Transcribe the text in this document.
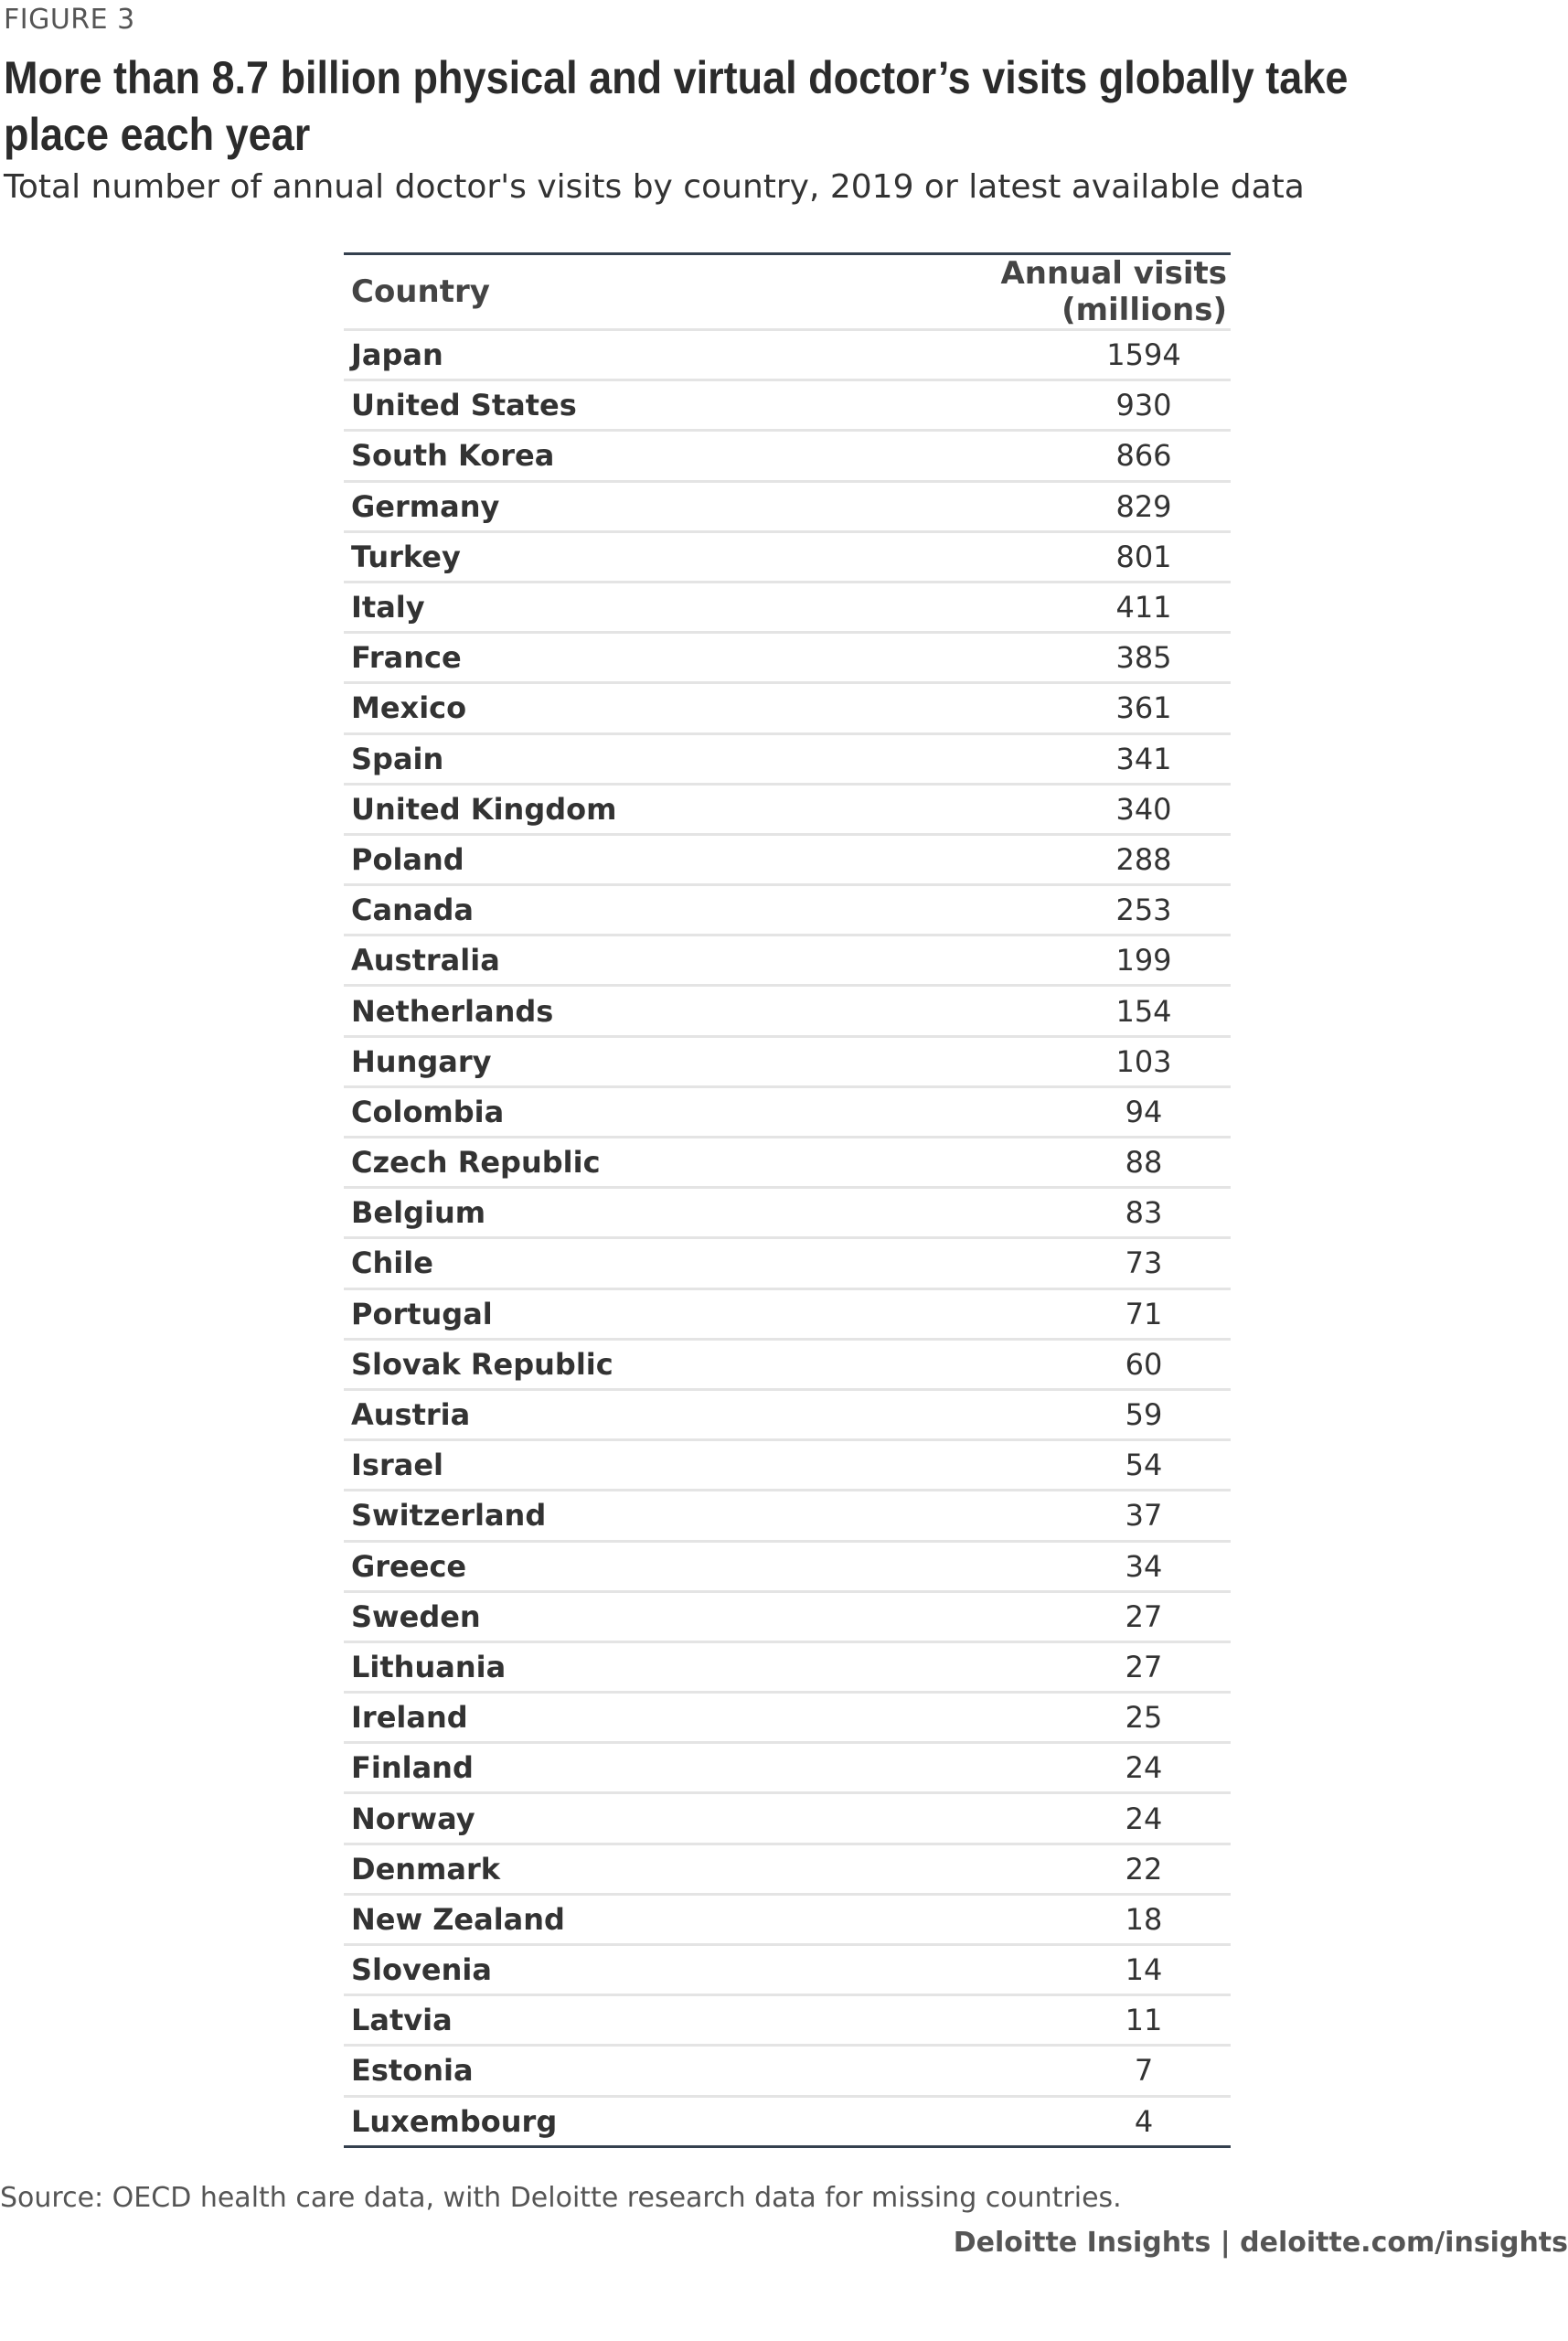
FIGURE 3
More than 8.7 billion physical and virtual doctor’s visits globally take place each year
Total number of annual doctor's visits by country, 2019 or latest available data
Country	Annual visits (millions)
Japan	1594
United States	930
South Korea	866
Germany	829
Turkey	801
Italy	411
France	385
Mexico	361
Spain	341
United Kingdom	340
Poland	288
Canada	253
Australia	199
Netherlands	154
Hungary	103
Colombia	94
Czech Republic	88
Belgium	83
Chile	73
Portugal	71
Slovak Republic	60
Austria	59
Israel	54
Switzerland	37
Greece	34
Sweden	27
Lithuania	27
Ireland	25
Finland	24
Norway	24
Denmark	22
New Zealand	18
Slovenia	14
Latvia	11
Estonia	7
Luxembourg	4
Source: OECD health care data, with Deloitte research data for missing countries.
Deloitte Insights | deloitte.com/insights
